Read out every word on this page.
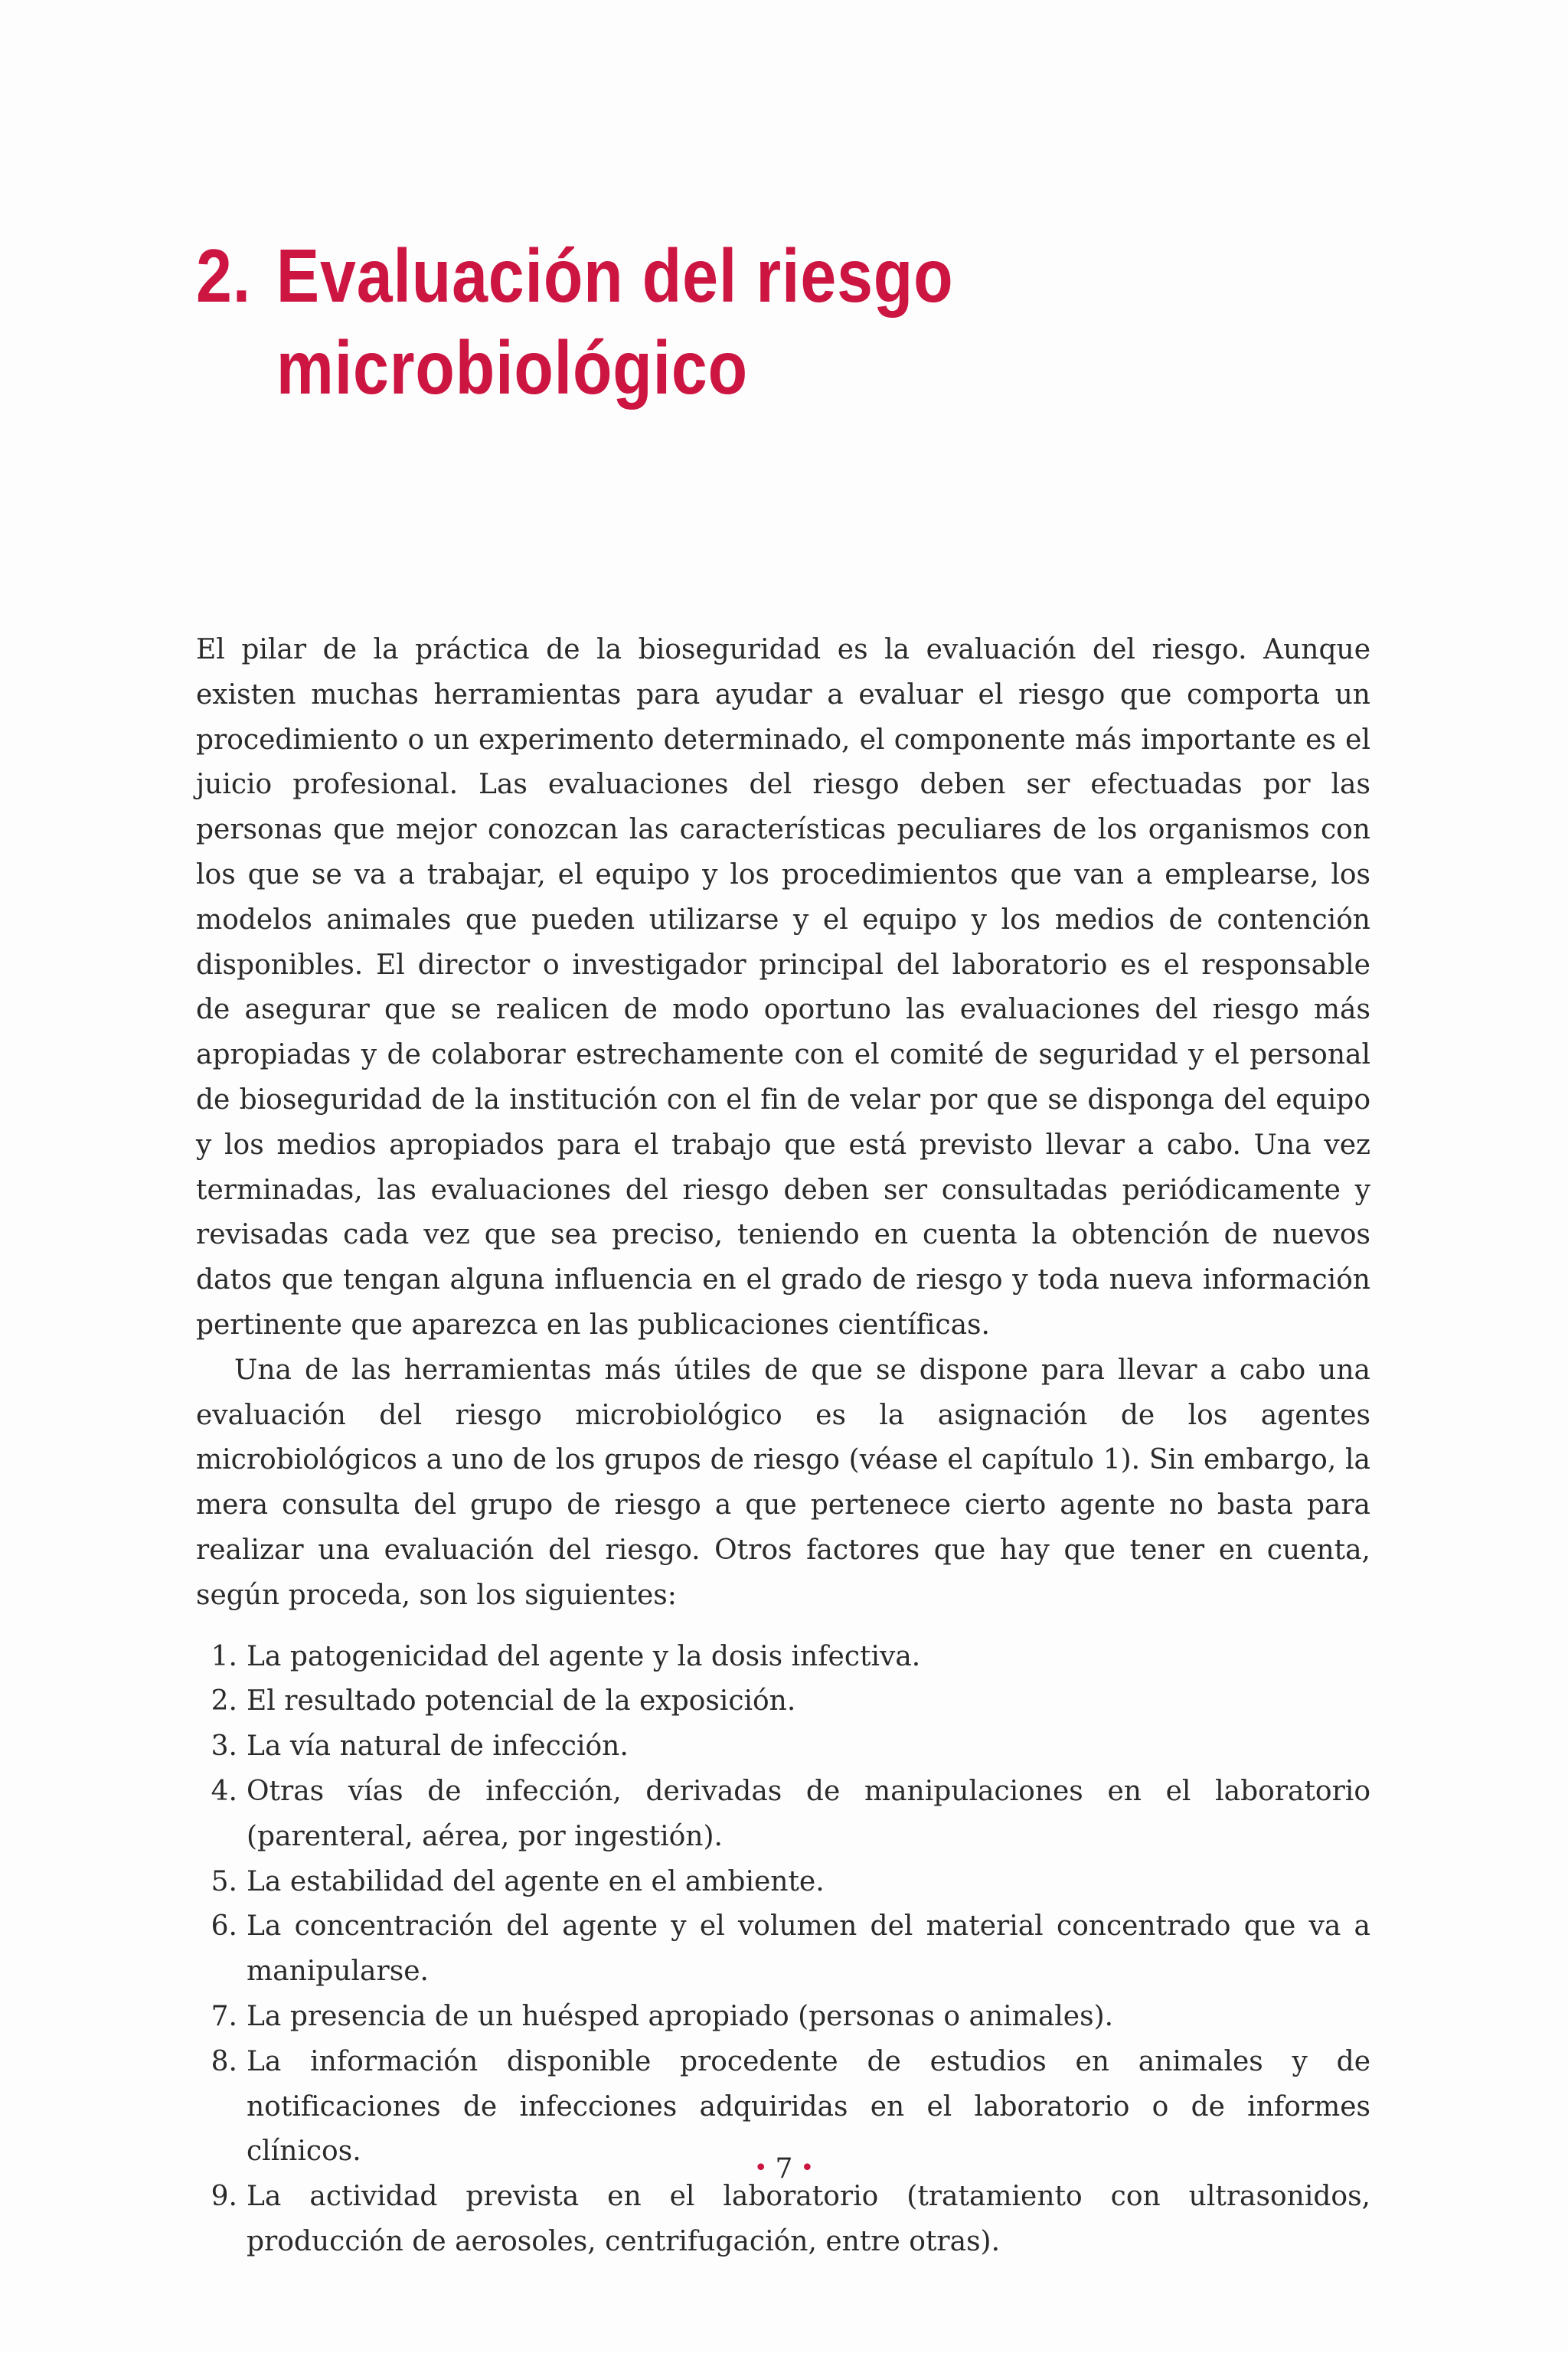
2. Evaluación del riesgo
microbiológico

El pilar de la práctica de la bioseguridad es la evaluación del riesgo. Aunque existen muchas herramientas para ayudar a evaluar el riesgo que comporta un procedimiento o un experimento determinado, el componente más importante es el juicio profesional. Las evaluaciones del riesgo deben ser efectuadas por las personas que mejor conozcan las características peculiares de los organismos con los que se va a trabajar, el equipo y los procedimientos que van a emplearse, los modelos animales que pueden utilizarse y el equipo y los medios de contención disponibles. El director o investigador principal del laboratorio es el responsable de asegurar que se realicen de modo oportuno las evaluaciones del riesgo más apropiadas y de colaborar estrechamente con el comité de seguridad y el personal de bioseguridad de la institución con el fin de velar por que se disponga del equipo y los medios apropiados para el trabajo que está previsto llevar a cabo. Una vez terminadas, las evaluaciones del riesgo deben ser consultadas periódicamente y revisadas cada vez que sea preciso, teniendo en cuenta la obtención de nuevos datos que tengan alguna influencia en el grado de riesgo y toda nueva información pertinente que aparezca en las publicaciones científicas.

Una de las herramientas más útiles de que se dispone para llevar a cabo una evaluación del riesgo microbiológico es la asignación de los agentes microbiológicos a uno de los grupos de riesgo (véase el capítulo 1). Sin embargo, la mera consulta del grupo de riesgo a que pertenece cierto agente no basta para realizar una evaluación del riesgo. Otros factores que hay que tener en cuenta, según proceda, son los siguientes:

1. La patogenicidad del agente y la dosis infectiva.
2. El resultado potencial de la exposición.
3. La vía natural de infección.
4. Otras vías de infección, derivadas de manipulaciones en el laboratorio (parenteral, aérea, por ingestión).
5. La estabilidad del agente en el ambiente.
6. La concentración del agente y el volumen del material concentrado que va a manipularse.
7. La presencia de un huésped apropiado (personas o animales).
8. La información disponible procedente de estudios en animales y de notificaciones de infecciones adquiridas en el laboratorio o de informes clínicos.
9. La actividad prevista en el laboratorio (tratamiento con ultrasonidos, producción de aerosoles, centrifugación, entre otras).
• 7 •
